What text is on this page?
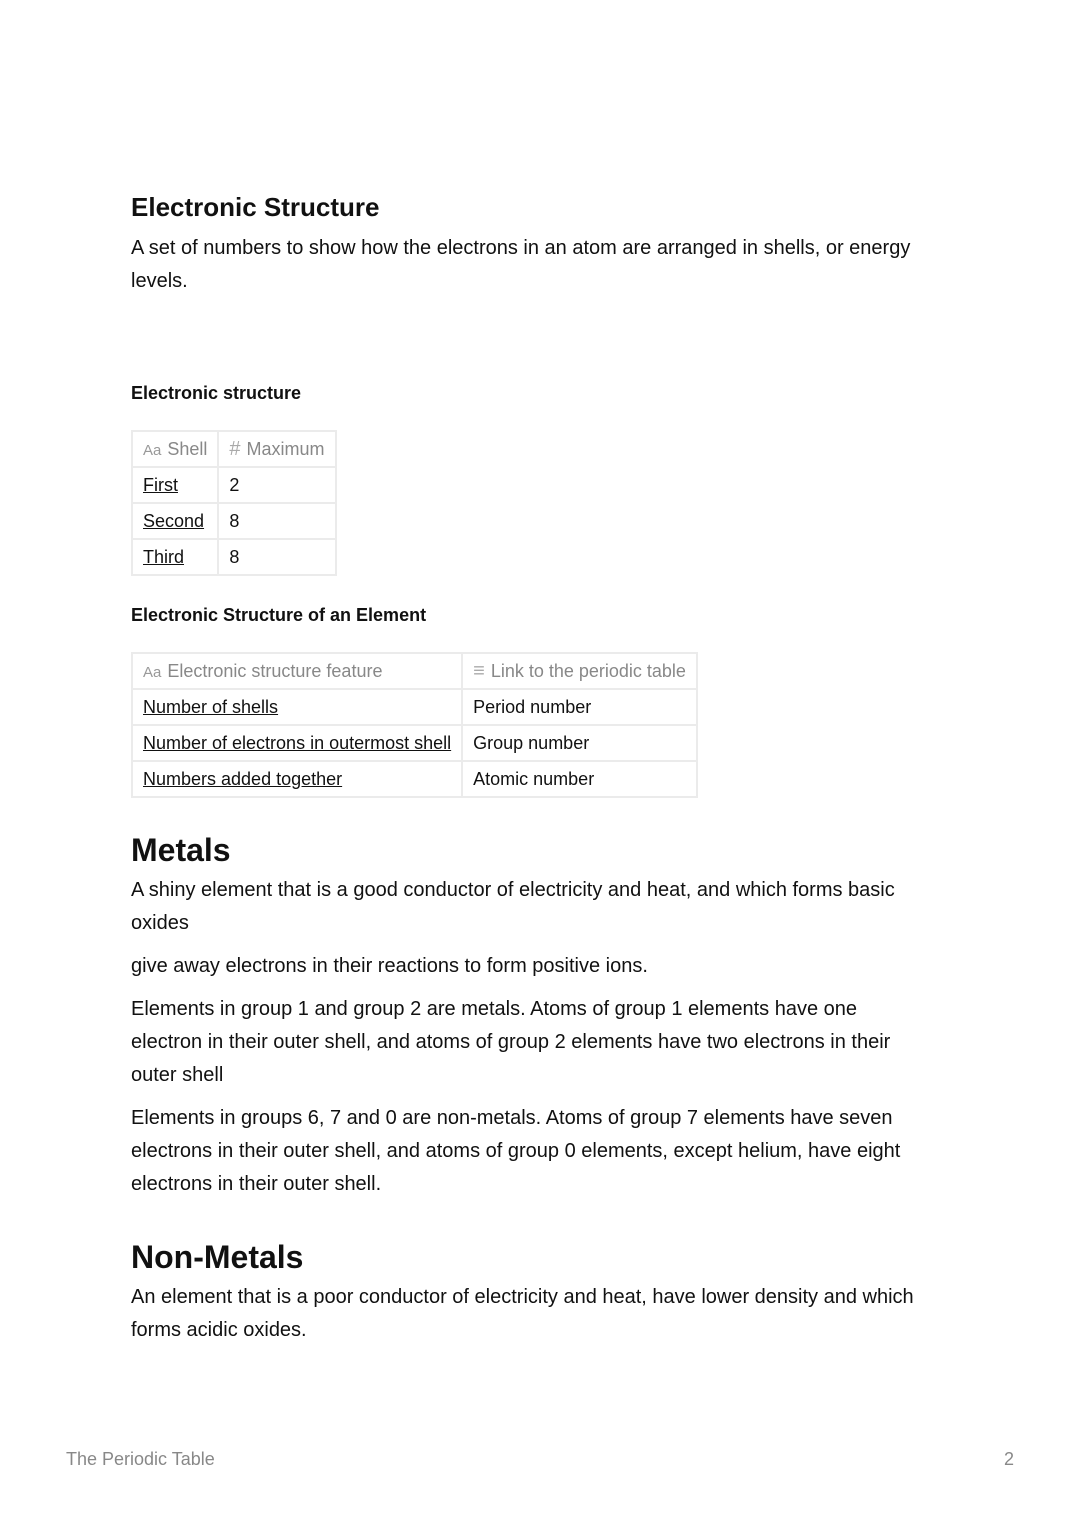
Electronic Structure

A set of numbers to show how the electrons in an atom are arranged in shells, or energy levels.

Electronic structure
Aa Shell	# Maximum
First	2
Second	8
Third	8
Electronic Structure of an Element
Aa Electronic structure feature	≡ Link to the periodic table
Number of shells	Period number
Number of electrons in outermost shell	Group number
Numbers added together	Atomic number
Metals

A shiny element that is a good conductor of electricity and heat, and which forms basic oxides

give away electrons in their reactions to form positive ions.

Elements in group 1 and group 2 are metals. Atoms of group 1 elements have one electron in their outer shell, and atoms of group 2 elements have two electrons in their outer shell

Elements in groups 6, 7 and 0 are non-metals. Atoms of group 7 elements have seven electrons in their outer shell, and atoms of group 0 elements, except helium, have eight electrons in their outer shell.

Non-Metals

An element that is a poor conductor of electricity and heat, have lower density and which forms acidic oxides.

The Periodic Table	2
